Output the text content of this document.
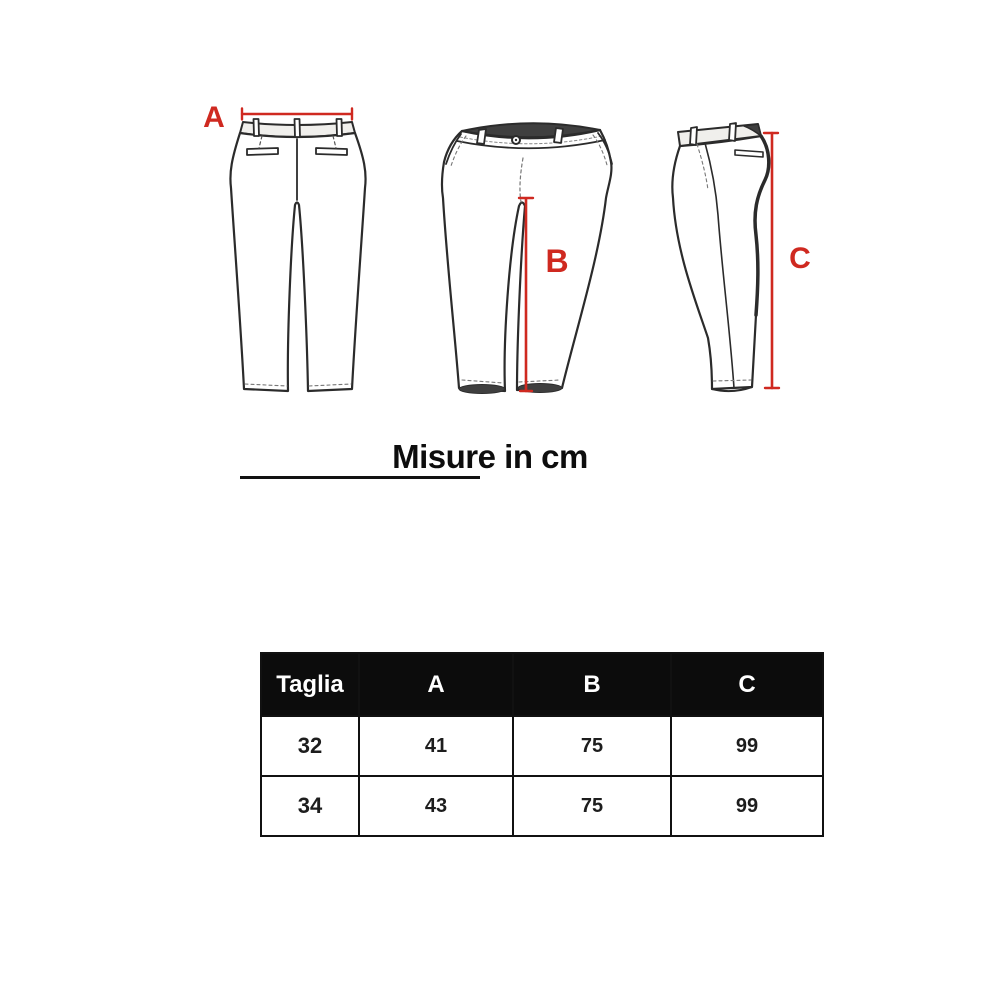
A
B	C
Misure in cm
Taglia	A	B	C
32	41	75	99
34	43	75	99
